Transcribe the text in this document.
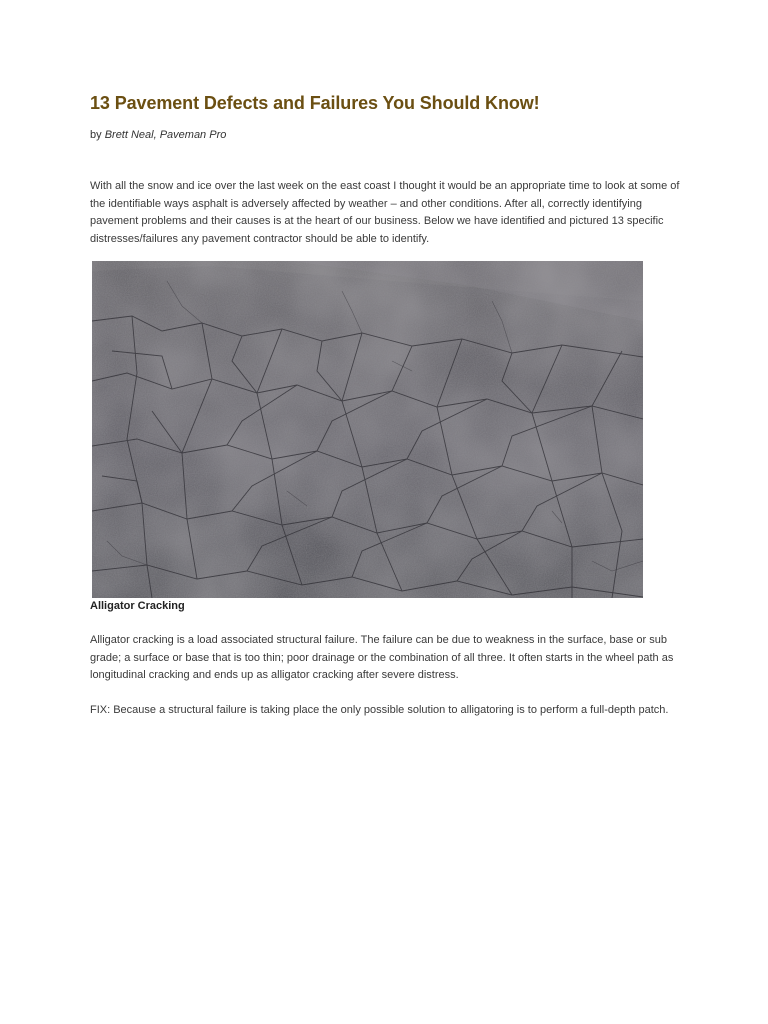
13 Pavement Defects and Failures You Should Know!
by Brett Neal, Paveman Pro

With all the snow and ice over the last week on the east coast I thought it would be an appropriate time to look at some of the identifiable ways asphalt is adversely affected by weather – and other conditions. After all, correctly identifying pavement problems and their causes is at the heart of our business. Below we have identified and pictured 13 specific distresses/failures any pavement contractor should be able to identify.

Alligator Cracking

Alligator cracking is a load associated structural failure. The failure can be due to weakness in the surface, base or sub grade; a surface or base that is too thin; poor drainage or the combination of all three. It often starts in the wheel path as longitudinal cracking and ends up as alligator cracking after severe distress.

FIX: Because a structural failure is taking place the only possible solution to alligatoring is to perform a full-depth patch.
